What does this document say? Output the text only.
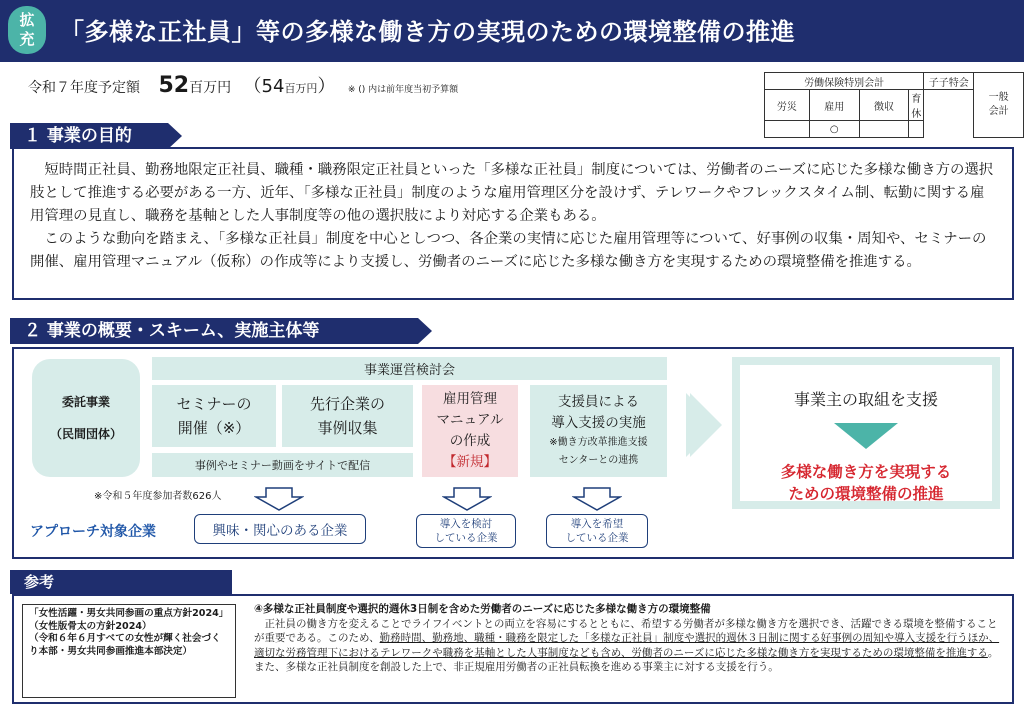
拡充	「多様な正社員」等の多様な働き方の実現のための環境整備の推進
令和７年度予定額 52百万円 （54百万円） ※ () 内は前年度当初予算額
労働保険特別会計				子子特会	一般
会計
労災	雇用	徴収	育休		
	○				
１ 事業の目的

短時間正社員、勤務地限定正社員、職種・職務限定正社員といった「多様な正社員」制度については、労働者のニーズに応じた多様な働き方の選択肢として推進する必要がある一方、近年、「多様な正社員」制度のような雇用管理区分を設けず、テレワークやフレックスタイム制、転勤に関する雇用管理の見直し、職務を基軸とした人事制度等の他の選択肢により対応する企業もある。

このような動向を踏まえ、「多様な正社員」制度を中心としつつ、各企業の実情に応じた雇用管理等について、好事例の収集・周知や、セミナーの開催、雇用管理マニュアル（仮称）の作成等により支援し、労働者のニーズに応じた多様な働き方を実現するための環境整備を推進する。

２ 事業の概要・スキーム、実施主体等
委託事業
（民間団体）
事業運営検討会
セミナーの
開催（※）
先行企業の
事例収集
雇用管理
マニュアル
の作成
【新規】
支援員による
導入支援の実施
※働き方改革推進支援
センターとの連携
事例やセミナー動画をサイトで配信
事業主の取組を支援
多様な働き方を実現する
ための環境整備の推進
※令和５年度参加者数626人
アプローチ対象企業	興味・関心のある企業	導入を検討
している企業
導入を希望
している企業
参考
「女性活躍・男女共同参画の重点方針2024」（女性版骨太の方針2024）
（令和６年６月すべての女性が輝く社会づくり本部・男女共同参画推進本部決定）
④多様な正社員制度や選択的週休3日制を含めた労働者のニーズに応じた多様な働き方の環境整備
正社員の働き方を変えることでライフイベントとの両立を容易にするとともに、希望する労働者が多様な働き方を選択でき、活躍できる環境を整備することが重要である。このため、勤務時間、勤務地、職種・職務を限定した「多様な正社員」制度や選択的週休３日制に関する好事例の周知や導入支援を行うほか、適切な労務管理下におけるテレワークや職務を基軸とした人事制度なども含め、労働者のニーズに応じた多様な働き方を実現するための環境整備を推進する。また、多様な正社員制度を創設した上で、非正規雇用労働者の正社員転換を進める事業主に対する支援を行う。
